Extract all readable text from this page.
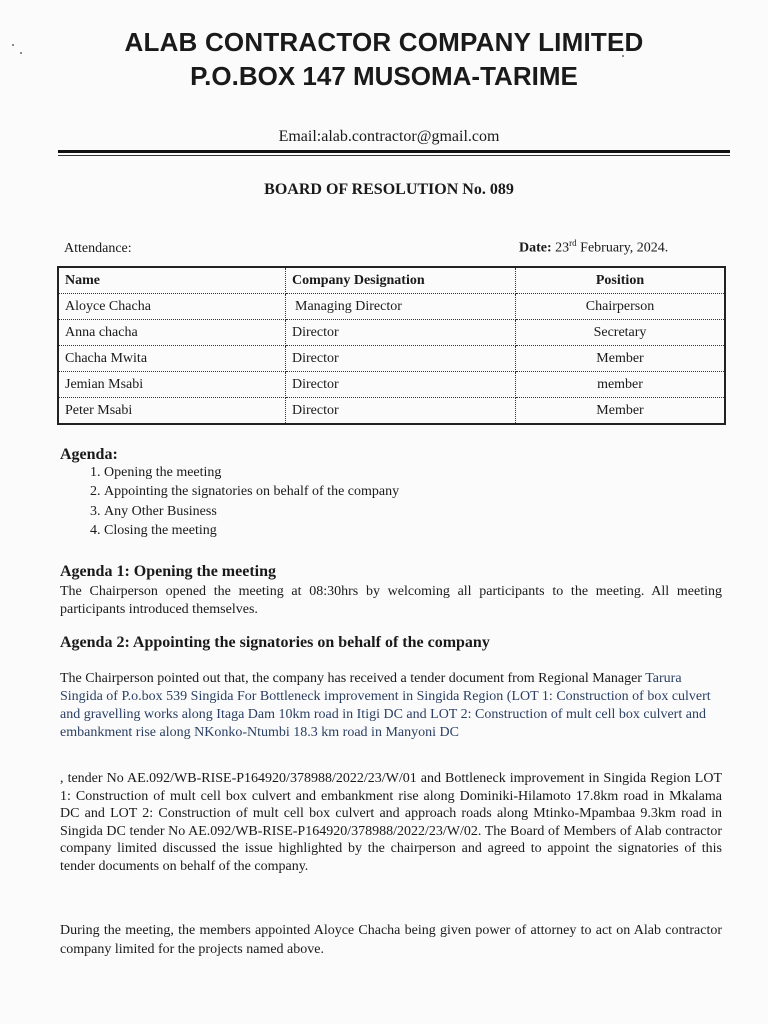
ALAB CONTRACTOR COMPANY LIMITED
P.O.BOX 147 MUSOMA-TARIME
Email:alab.contractor@gmail.com
BOARD OF RESOLUTION No. 089
Attendance:	Date: 23rd February, 2024.
Name	Company Designation	Position
Aloyce Chacha	Managing Director	Chairperson
Anna chacha	Director	Secretary
Chacha Mwita	Director	Member
Jemian Msabi	Director	member
Peter Msabi	Director	Member
Agenda:
1. Opening the meeting
2. Appointing the signatories on behalf of the company
3. Any Other Business
4. Closing the meeting
Agenda 1: Opening the meeting

The Chairperson opened the meeting at 08:30hrs by welcoming all participants to the meeting. All meeting participants introduced themselves.

Agenda 2: Appointing the signatories on behalf of the company

The Chairperson pointed out that, the company has received a tender document from Regional Manager Tarura Singida of P.o.box 539 Singida For Bottleneck improvement in Singida Region (LOT 1: Construction of box culvert and gravelling works along Itaga Dam 10km road in Itigi DC and LOT 2: Construction of mult cell box culvert and embankment rise along NKonko-Ntumbi 18.3 km road in Manyoni DC

, tender No AE.092/WB-RISE-P164920/378988/2022/23/W/01 and Bottleneck improvement in Singida Region LOT 1: Construction of mult cell box culvert and embankment rise along Dominiki-Hilamoto 17.8km road in Mkalama DC and LOT 2: Construction of mult cell box culvert and approach roads along Mtinko-Mpambaa 9.3km road in Singida DC tender No AE.092/WB-RISE-P164920/378988/2022/23/W/02. The Board of Members of Alab contractor company limited discussed the issue highlighted by the chairperson and agreed to appoint the signatories of this tender documents on behalf of the company.

During the meeting, the members appointed Aloyce Chacha being given power of attorney to act on Alab contractor company limited for the projects named above.
